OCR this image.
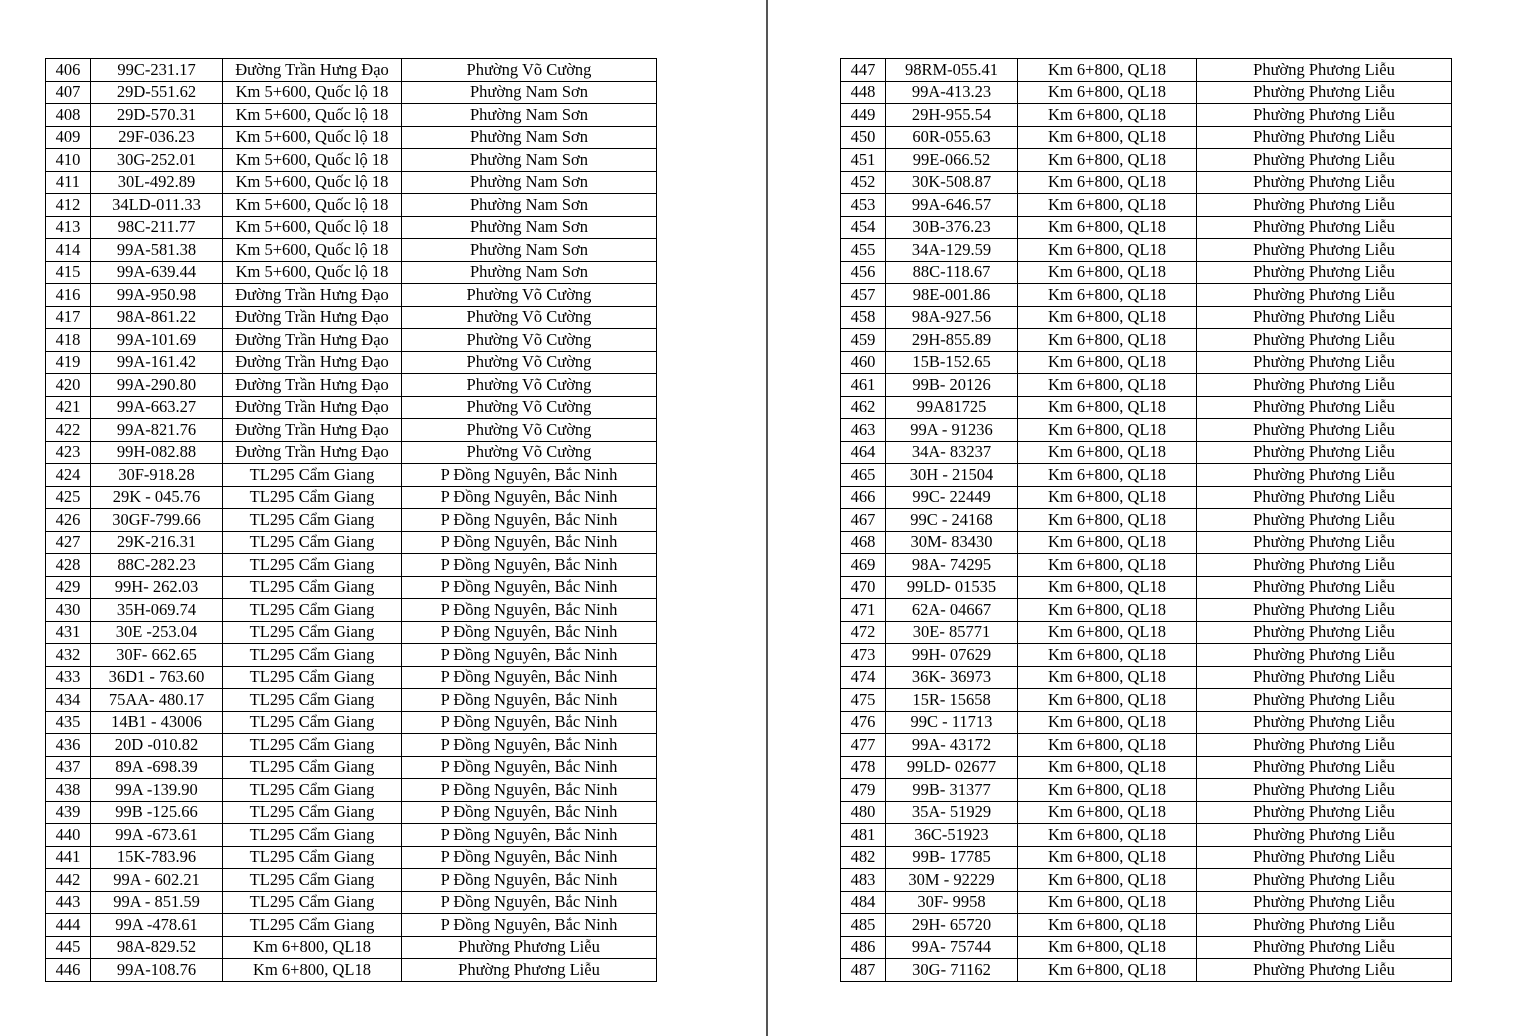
406	99C-231.17	Đường Trần Hưng Đạo	Phường Võ Cường
407	29D-551.62	Km 5+600, Quốc lộ 18	Phường Nam Sơn
408	29D-570.31	Km 5+600, Quốc lộ 18	Phường Nam Sơn
409	29F-036.23	Km 5+600, Quốc lộ 18	Phường Nam Sơn
410	30G-252.01	Km 5+600, Quốc lộ 18	Phường Nam Sơn
411	30L-492.89	Km 5+600, Quốc lộ 18	Phường Nam Sơn
412	34LD-011.33	Km 5+600, Quốc lộ 18	Phường Nam Sơn
413	98C-211.77	Km 5+600, Quốc lộ 18	Phường Nam Sơn
414	99A-581.38	Km 5+600, Quốc lộ 18	Phường Nam Sơn
415	99A-639.44	Km 5+600, Quốc lộ 18	Phường Nam Sơn
416	99A-950.98	Đường Trần Hưng Đạo	Phường Võ Cường
417	98A-861.22	Đường Trần Hưng Đạo	Phường Võ Cường
418	99A-101.69	Đường Trần Hưng Đạo	Phường Võ Cường
419	99A-161.42	Đường Trần Hưng Đạo	Phường Võ Cường
420	99A-290.80	Đường Trần Hưng Đạo	Phường Võ Cường
421	99A-663.27	Đường Trần Hưng Đạo	Phường Võ Cường
422	99A-821.76	Đường Trần Hưng Đạo	Phường Võ Cường
423	99H-082.88	Đường Trần Hưng Đạo	Phường Võ Cường
424	30F-918.28	TL295 Cẩm Giang	P Đồng Nguyên, Bắc Ninh
425	29K - 045.76	TL295 Cẩm Giang	P Đồng Nguyên, Bắc Ninh
426	30GF-799.66	TL295 Cẩm Giang	P Đồng Nguyên, Bắc Ninh
427	29K-216.31	TL295 Cẩm Giang	P Đồng Nguyên, Bắc Ninh
428	88C-282.23	TL295 Cẩm Giang	P Đồng Nguyên, Bắc Ninh
429	99H- 262.03	TL295 Cẩm Giang	P Đồng Nguyên, Bắc Ninh
430	35H-069.74	TL295 Cẩm Giang	P Đồng Nguyên, Bắc Ninh
431	30E -253.04	TL295 Cẩm Giang	P Đồng Nguyên, Bắc Ninh
432	30F- 662.65	TL295 Cẩm Giang	P Đồng Nguyên, Bắc Ninh
433	36D1 - 763.60	TL295 Cẩm Giang	P Đồng Nguyên, Bắc Ninh
434	75AA- 480.17	TL295 Cẩm Giang	P Đồng Nguyên, Bắc Ninh
435	14B1 - 43006	TL295 Cẩm Giang	P Đồng Nguyên, Bắc Ninh
436	20D -010.82	TL295 Cẩm Giang	P Đồng Nguyên, Bắc Ninh
437	89A -698.39	TL295 Cẩm Giang	P Đồng Nguyên, Bắc Ninh
438	99A -139.90	TL295 Cẩm Giang	P Đồng Nguyên, Bắc Ninh
439	99B -125.66	TL295 Cẩm Giang	P Đồng Nguyên, Bắc Ninh
440	99A -673.61	TL295 Cẩm Giang	P Đồng Nguyên, Bắc Ninh
441	15K-783.96	TL295 Cẩm Giang	P Đồng Nguyên, Bắc Ninh
442	99A - 602.21	TL295 Cẩm Giang	P Đồng Nguyên, Bắc Ninh
443	99A - 851.59	TL295 Cẩm Giang	P Đồng Nguyên, Bắc Ninh
444	99A -478.61	TL295 Cẩm Giang	P Đồng Nguyên, Bắc Ninh
445	98A-829.52	Km 6+800, QL18	Phường Phương Liễu
446	99A-108.76	Km 6+800, QL18	Phường Phương Liễu
447	98RM-055.41	Km 6+800, QL18	Phường Phương Liễu
448	99A-413.23	Km 6+800, QL18	Phường Phương Liễu
449	29H-955.54	Km 6+800, QL18	Phường Phương Liễu
450	60R-055.63	Km 6+800, QL18	Phường Phương Liễu
451	99E-066.52	Km 6+800, QL18	Phường Phương Liễu
452	30K-508.87	Km 6+800, QL18	Phường Phương Liễu
453	99A-646.57	Km 6+800, QL18	Phường Phương Liễu
454	30B-376.23	Km 6+800, QL18	Phường Phương Liễu
455	34A-129.59	Km 6+800, QL18	Phường Phương Liễu
456	88C-118.67	Km 6+800, QL18	Phường Phương Liễu
457	98E-001.86	Km 6+800, QL18	Phường Phương Liễu
458	98A-927.56	Km 6+800, QL18	Phường Phương Liễu
459	29H-855.89	Km 6+800, QL18	Phường Phương Liễu
460	15B-152.65	Km 6+800, QL18	Phường Phương Liễu
461	99B- 20126	Km 6+800, QL18	Phường Phương Liễu
462	99A81725	Km 6+800, QL18	Phường Phương Liễu
463	99A - 91236	Km 6+800, QL18	Phường Phương Liễu
464	34A- 83237	Km 6+800, QL18	Phường Phương Liễu
465	30H - 21504	Km 6+800, QL18	Phường Phương Liễu
466	99C- 22449	Km 6+800, QL18	Phường Phương Liễu
467	99C - 24168	Km 6+800, QL18	Phường Phương Liễu
468	30M- 83430	Km 6+800, QL18	Phường Phương Liễu
469	98A- 74295	Km 6+800, QL18	Phường Phương Liễu
470	99LD- 01535	Km 6+800, QL18	Phường Phương Liễu
471	62A- 04667	Km 6+800, QL18	Phường Phương Liễu
472	30E- 85771	Km 6+800, QL18	Phường Phương Liễu
473	99H- 07629	Km 6+800, QL18	Phường Phương Liễu
474	36K- 36973	Km 6+800, QL18	Phường Phương Liễu
475	15R- 15658	Km 6+800, QL18	Phường Phương Liễu
476	99C - 11713	Km 6+800, QL18	Phường Phương Liễu
477	99A- 43172	Km 6+800, QL18	Phường Phương Liễu
478	99LD- 02677	Km 6+800, QL18	Phường Phương Liễu
479	99B- 31377	Km 6+800, QL18	Phường Phương Liễu
480	35A- 51929	Km 6+800, QL18	Phường Phương Liễu
481	36C-51923	Km 6+800, QL18	Phường Phương Liễu
482	99B- 17785	Km 6+800, QL18	Phường Phương Liễu
483	30M - 92229	Km 6+800, QL18	Phường Phương Liễu
484	30F- 9958	Km 6+800, QL18	Phường Phương Liễu
485	29H- 65720	Km 6+800, QL18	Phường Phương Liễu
486	99A- 75744	Km 6+800, QL18	Phường Phương Liễu
487	30G- 71162	Km 6+800, QL18	Phường Phương Liễu
